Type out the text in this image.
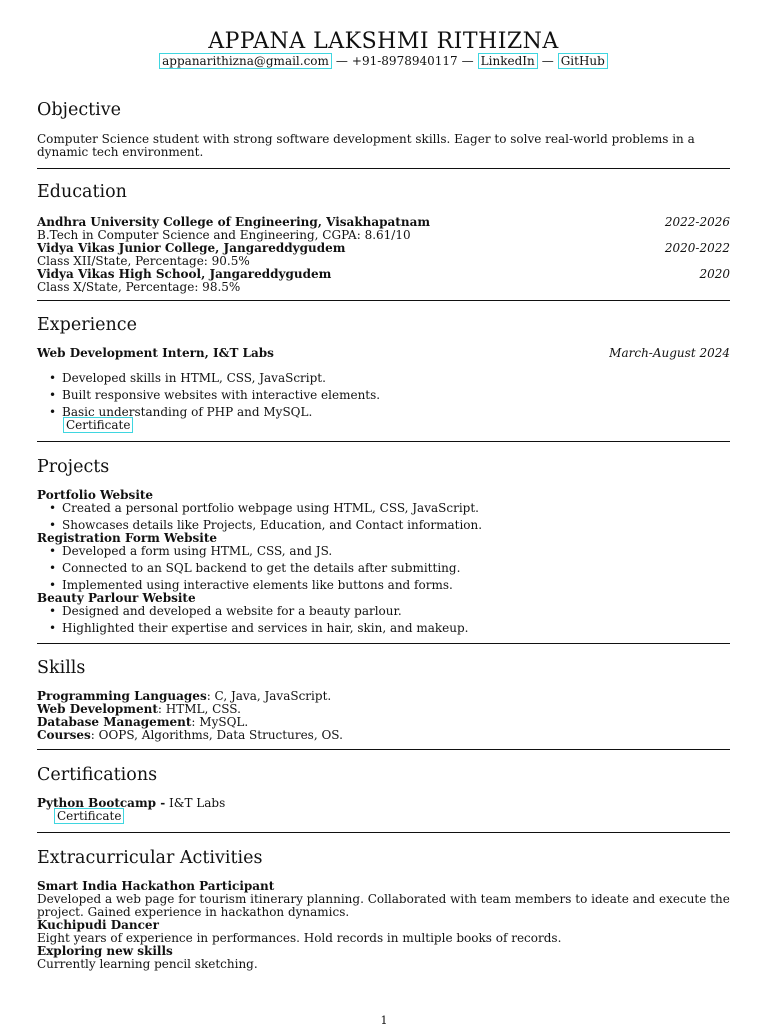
APPANA LAKSHMI RITHIZNA
appanarithizna@gmail.com — +91-8978940117 — LinkedIn — GitHub
Objective
Computer Science student with strong software development skills. Eager to solve real-world problems in a dynamic tech environment.
Education
Andhra University College of Engineering, Visakhapatnam	2022-2026
B.Tech in Computer Science and Engineering, CGPA: 8.61/10
Vidya Vikas Junior College, Jangareddygudem	2020-2022
Class XII/State, Percentage: 90.5%
Vidya Vikas High School, Jangareddygudem	2020
Class X/State, Percentage: 98.5%
Experience
Web Development Intern, I&T Labs	March-August 2024
• Developed skills in HTML, CSS, JavaScript.
• Built responsive websites with interactive elements.
• Basic understanding of PHP and MySQL.
Certificate
Projects
Portfolio Website
• Created a personal portfolio webpage using HTML, CSS, JavaScript.
• Showcases details like Projects, Education, and Contact information.
Registration Form Website
• Developed a form using HTML, CSS, and JS.
• Connected to an SQL backend to get the details after submitting.
• Implemented using interactive elements like buttons and forms.
Beauty Parlour Website
• Designed and developed a website for a beauty parlour.
• Highlighted their expertise and services in hair, skin, and makeup.
Skills
Programming Languages: C, Java, JavaScript.
Web Development: HTML, CSS.
Database Management: MySQL.
Courses: OOPS, Algorithms, Data Structures, OS.
Certifications
Python Bootcamp - I&T Labs
Certificate
Extracurricular Activities
Smart India Hackathon Participant
Developed a web page for tourism itinerary planning. Collaborated with team members to ideate and execute the project. Gained experience in hackathon dynamics.
Kuchipudi Dancer
Eight years of experience in performances. Hold records in multiple books of records.
Exploring new skills
Currently learning pencil sketching.
1
